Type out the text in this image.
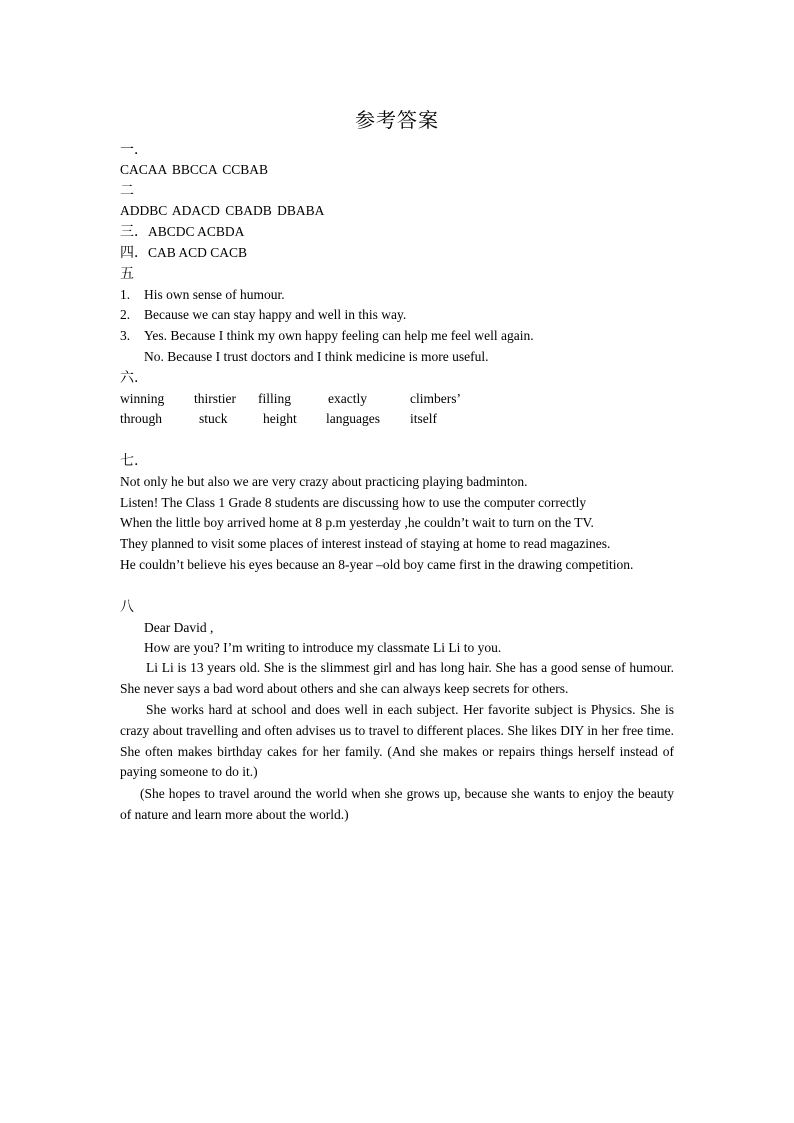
参考答案
一．
CACAA BBCCA CCBAB
二
ADDBC ADACD CBADB DBABA
三．ABCDC ACBDA
四．CAB ACD CACB
五
1. His own sense of humour.
2. Because we can stay happy and well in this way.
3. Yes. Because I think my own happy feeling can help me feel well again.
No. Because I trust doctors and I think medicine is more useful.
六.
winning thirstier filling	exactly	climbers’
through	stuck	height languages itself
七.
Not only he but also we are very crazy about practicing playing badminton.
Listen! The Class 1 Grade 8 students are discussing how to use the computer correctly
When the little boy arrived home at 8 p.m yesterday ,he couldn’t wait to turn on the TV.
They planned to visit some places of interest instead of staying at home to read magazines.
He couldn’t believe his eyes because an 8-year –old boy came first in the drawing competition.
八
Dear David ,
How are you? I’m writing to introduce my classmate Li Li to you.
Li Li is 13 years old. She is the slimmest girl and has long hair. She has a good sense of humour. She never says a bad word about others and she can always keep secrets for others.
She works hard at school and does well in each subject. Her favorite subject is Physics. She is crazy about travelling and often advises us to travel to different places. She likes DIY in her free time. She often makes birthday cakes for her family. (And she makes or repairs things herself instead of paying someone to do it.)
(She hopes to travel around the world when she grows up, because she wants to enjoy the beauty of nature and learn more about the world.)
